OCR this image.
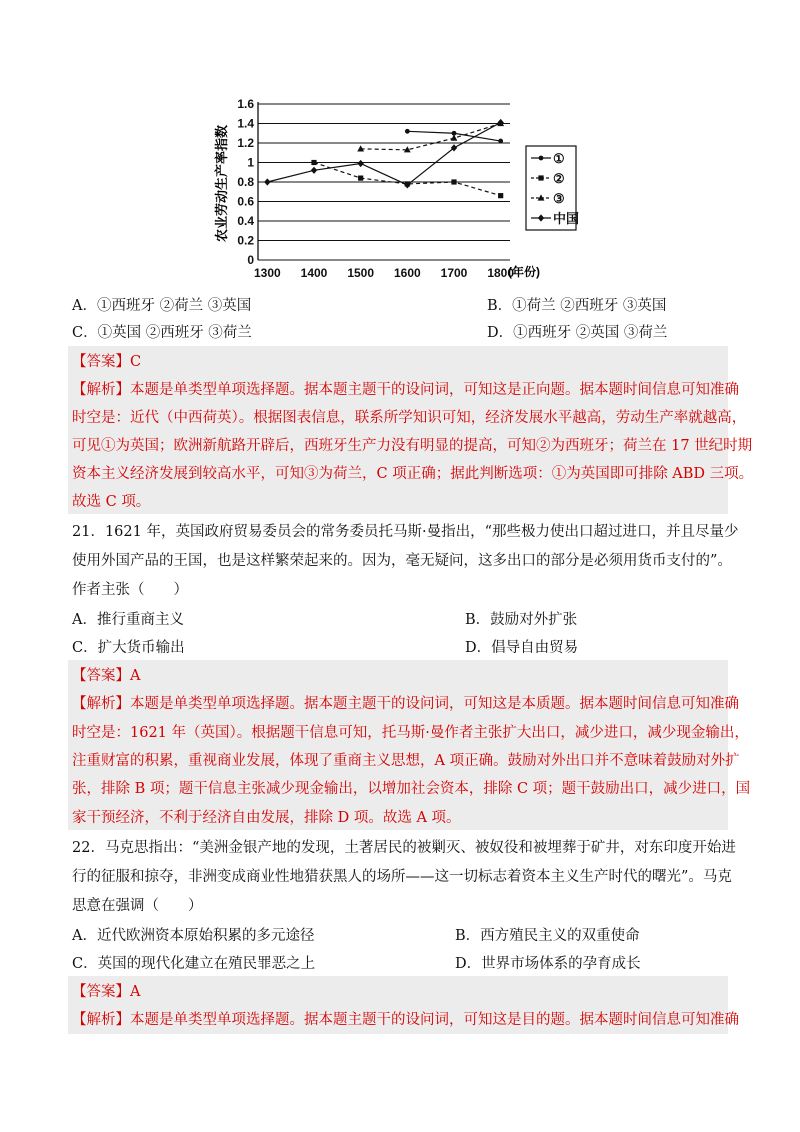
0
0.2
0.4
0.6
0.8
1
1.2
1.4
1.6
1300 1400 1500 1600 1700 1800
农业劳动生产率指数
(年份)
①
②
③
中国
A．①西班牙 ②荷兰 ③英国	B．①荷兰 ②西班牙 ③英国
C．①英国 ②西班牙 ③荷兰	D．①西班牙 ②英国 ③荷兰
【答案】C
【解析】本题是单类型单项选择题。据本题主题干的设问词，可知这是正向题。据本题时间信息可知准确
时空是：近代（中西荷英）。根据图表信息，联系所学知识可知，经济发展水平越高，劳动生产率就越高，
可见①为英国；欧洲新航路开辟后，西班牙生产力没有明显的提高，可知②为西班牙；荷兰在 17 世纪时期
资本主义经济发展到较高水平，可知③为荷兰，C 项正确；据此判断选项：①为英国即可排除 ABD 三项。
故选 C 项。
21．1621 年，英国政府贸易委员会的常务委员托马斯·曼指出，“那些极力使出口超过进口，并且尽量少
使用外国产品的王国，也是这样繁荣起来的。因为，毫无疑问，这多出口的部分是必须用货币支付的”。
作者主张（　　）
A．推行重商主义	B．鼓励对外扩张
C．扩大货币输出	D．倡导自由贸易
【答案】A
【解析】本题是单类型单项选择题。据本题主题干的设问词，可知这是本质题。据本题时间信息可知准确
时空是：1621 年（英国）。根据题干信息可知，托马斯·曼作者主张扩大出口，减少进口，减少现金输出，
注重财富的积累，重视商业发展，体现了重商主义思想，A 项正确。鼓励对外出口并不意味着鼓励对外扩
张，排除 B 项；题干信息主张减少现金输出，以增加社会资本，排除 C 项；题干鼓励出口，减少进口，国
家干预经济，不利于经济自由发展，排除 D 项。故选 A 项。
22．马克思指出：“美洲金银产地的发现，土著居民的被剿灭、被奴役和被埋葬于矿井，对东印度开始进
行的征服和掠夺，非洲变成商业性地猎获黑人的场所——这一切标志着资本主义生产时代的曙光”。马克
思意在强调（　　）
A．近代欧洲资本原始积累的多元途径	B．西方殖民主义的双重使命
C．英国的现代化建立在殖民罪恶之上	D．世界市场体系的孕育成长
【答案】A
【解析】本题是单类型单项选择题。据本题主题干的设问词，可知这是目的题。据本题时间信息可知准确
